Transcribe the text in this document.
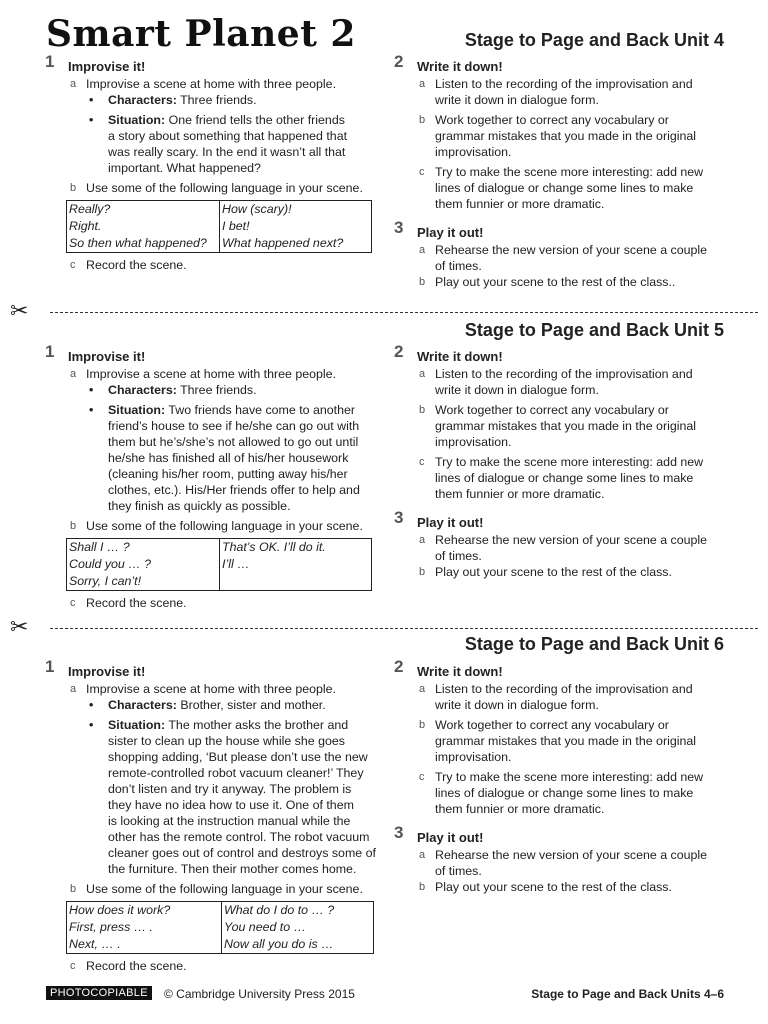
Smart Planet 2	Stage to Page and Back Unit 4
1 Improvise it!
a Improvise a scene at home with three people.
• Characters: Three friends.
• Situation: One friend tells the other friends
a story about something that happened that
was really scary. In the end it wasn’t all that
important. What happened?
b Use some of the following language in your scene.
Really?	How (scary)!
Right.	I bet!
So then what happened?	What happened next?
c Record the scene.
2 Write it down!
a Listen to the recording of the improvisation and
write it down in dialogue form.
b Work together to correct any vocabulary or
grammar mistakes that you made in the original
improvisation.
c Try to make the scene more interesting: add new
lines of dialogue or change some lines to make
them funnier or more dramatic.
3 Play it out!
a Rehearse the new version of your scene a couple
of times.
b Play out your scene to the rest of the class..
✂
Stage to Page and Back Unit 5
1 Improvise it!
a Improvise a scene at home with three people.
• Characters: Three friends.
• Situation: Two friends have come to another
friend’s house to see if he/she can go out with
them but he’s/she’s not allowed to go out until
he/she has finished all of his/her housework
(cleaning his/her room, putting away his/her
clothes, etc.). His/Her friends offer to help and
they finish as quickly as possible.
b Use some of the following language in your scene.
Shall I … ?	That’s OK. I’ll do it.
Could you … ?	I’ll …
Sorry, I can’t!	
c Record the scene.
2 Write it down!
a Listen to the recording of the improvisation and
write it down in dialogue form.
b Work together to correct any vocabulary or
grammar mistakes that you made in the original
improvisation.
c Try to make the scene more interesting: add new
lines of dialogue or change some lines to make
them funnier or more dramatic.
3 Play it out!
a Rehearse the new version of your scene a couple
of times.
b Play out your scene to the rest of the class.
✂
Stage to Page and Back Unit 6
1 Improvise it!
a Improvise a scene at home with three people.
• Characters: Brother, sister and mother.
• Situation: The mother asks the brother and
sister to clean up the house while she goes
shopping adding, ‘But please don’t use the new
remote-controlled robot vacuum cleaner!’ They
don’t listen and try it anyway. The problem is
they have no idea how to use it. One of them
is looking at the instruction manual while the
other has the remote control. The robot vacuum
cleaner goes out of control and destroys some of
the furniture. Then their mother comes home.
b Use some of the following language in your scene.
How does it work?	What do I do to … ?
First, press … .	You need to …
Next, … .	Now all you do is …
c Record the scene.
2 Write it down!
a Listen to the recording of the improvisation and
write it down in dialogue form.
b Work together to correct any vocabulary or
grammar mistakes that you made in the original
improvisation.
c Try to make the scene more interesting: add new
lines of dialogue or change some lines to make
them funnier or more dramatic.
3 Play it out!
a Rehearse the new version of your scene a couple
of times.
b Play out your scene to the rest of the class.
PHOTOCOPIABLE	© Cambridge University Press 2015	Stage to Page and Back Units 4–6
